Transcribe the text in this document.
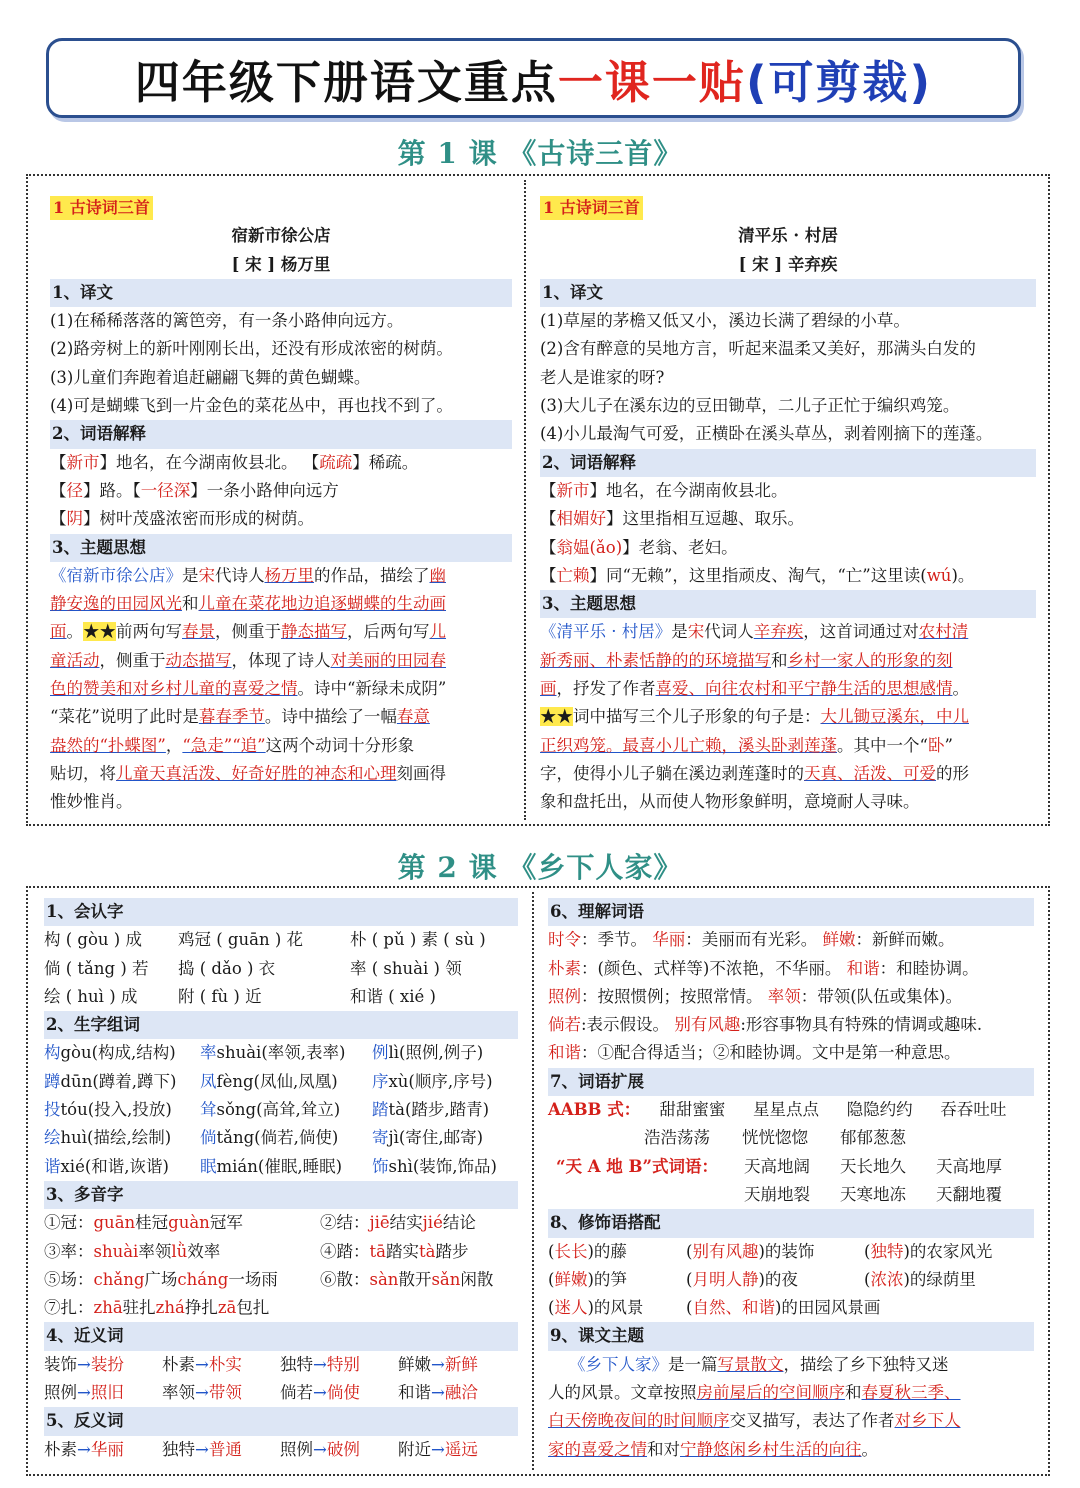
四年级下册语文重点 一课一贴 (可剪裁)
第 1 课 《古诗三首》
1 古诗词三首
宿新市徐公店
[ 宋 ] 杨万里
1、译文
(1)在稀稀落落的篱笆旁，有一条小路伸向远方。
(2)路旁树上的新叶刚刚长出，还没有形成浓密的树荫。
(3)儿童们奔跑着追赶翩翩飞舞的黄色蝴蝶。
(4)可是蝴蝶飞到一片金色的菜花丛中，再也找不到了。
2、词语解释
【新市】地名，在今湖南攸县北。 【疏疏】稀疏。
【径】路。【一径深】一条小路伸向远方
【阴】树叶茂盛浓密而形成的树荫。
3、主题思想
《宿新市徐公店》是宋代诗人杨万里的作品，描绘了幽
静安逸的田园风光和儿童在菜花地边追逐蝴蝶的生动画
面。★★前两句写春景，侧重于静态描写，后两句写儿
童活动，侧重于动态描写，体现了诗人对美丽的田园春
色的赞美和对乡村儿童的喜爱之情。诗中“新绿未成阴”
“菜花”说明了此时是暮春季节。诗中描绘了一幅春意
盎然的“扑蝶图”，“急走”“追”这两个动词十分形象
贴切，将儿童天真活泼、好奇好胜的神态和心理刻画得
惟妙惟肖。
1 古诗词三首
清平乐 · 村居
[ 宋 ] 辛弃疾
1、译文
(1)草屋的茅檐又低又小，溪边长满了碧绿的小草。
(2)含有醉意的吴地方言，听起来温柔又美好，那满头白发的
老人是谁家的呀?
(3)大儿子在溪东边的豆田锄草，二儿子正忙于编织鸡笼。
(4)小儿最淘气可爱，正横卧在溪头草丛，剥着刚摘下的莲蓬。
2、词语解释
【新市】地名，在今湖南攸县北。
【相媚好】这里指相互逗趣、取乐。
【翁媪(ǎo)】老翁、老妇。
【亡赖】同“无赖”，这里指顽皮、淘气，“亡”这里读(wú)。
3、主题思想
《清平乐 · 村居》是宋代词人辛弃疾，这首词通过对农村清
新秀丽、朴素恬静的的环境描写和乡村一家人的形象的刻
画，抒发了作者喜爱、向往农村和平宁静生活的思想感情。
★★词中描写三个儿子形象的句子是：大儿锄豆溪东，中儿
正织鸡笼。最喜小儿亡赖，溪头卧剥莲蓬。其中一个“卧”
字，使得小儿子躺在溪边剥莲蓬时的天真、活泼、可爱的形
象和盘托出，从而使人物形象鲜明，意境耐人寻味。
第 2 课 《乡下人家》
1、会认字
构 ( gòu ) 成	鸡冠 ( guān ) 花	朴 ( pǔ ) 素 ( sù )
倘 ( tǎng ) 若	捣 ( dǎo ) 衣	率 ( shuài ) 领
绘 ( huì ) 成	附 ( fù ) 近	和谐 ( xié )
2、生字组词
构gòu(构成,结构)	率shuài(率领,表率)	例lì(照例,例子)
蹲dūn(蹲着,蹲下)	凤fèng(凤仙,凤凰)	序xù(顺序,序号)
投tóu(投入,投放)	耸sǒng(高耸,耸立)	踏tà(踏步,踏青)
绘huì(描绘,绘制)	倘tǎng(倘若,倘使)	寄jì(寄住,邮寄)
谐xié(和谐,诙谐)	眠mián(催眠,睡眠)	饰shì(装饰,饰品)
3、多音字
①冠：guān桂冠guàn冠军	②结：jiē结实jié结论
③率：shuài率领lǜ效率	④踏：tā踏实tà踏步
⑤场：chǎng广场cháng一场雨	⑥散：sàn散开sǎn闲散
⑦扎：zhā驻扎zhá挣扎zā包扎
4、近义词
装饰→装扮	朴素→朴实	独特→特别	鲜嫩→新鲜
照例→照旧	率领→带领	倘若→倘使	和谐→融洽
5、反义词
朴素→华丽	独特→普通	照例→破例	附近→遥远
6、理解词语
时令：季节。 华丽：美丽而有光彩。 鲜嫩：新鲜而嫩。
朴素：(颜色、式样等)不浓艳，不华丽。 和谐：和睦协调。
照例：按照惯例；按照常情。 率领：带领(队伍或集体)。
倘若:表示假设。 别有风趣:形容事物具有特殊的情调或趣味.
和谐：①配合得适当；②和睦协调。文中是第一种意思。
7、词语扩展
AABB 式： 甜甜蜜蜜	星星点点	隐隐约约	吞吞吐吐
浩浩荡荡	恍恍惚惚	郁郁葱葱
“天 A 地 B”式词语：	天高地阔	天长地久	天高地厚
天崩地裂	天寒地冻	天翻地覆
8、修饰语搭配
(长长)的藤	(别有风趣)的装饰	(独特)的农家风光
(鲜嫩)的笋	(月明人静)的夜	(浓浓)的绿荫里
(迷人)的风景	(自然、和谐)的田园风景画
9、课文主题
《乡下人家》是一篇写景散文，描绘了乡下独特又迷
人的风景。文章按照房前屋后的空间顺序和春夏秋三季、
白天傍晚夜间的时间顺序交叉描写，表达了作者对乡下人
家的喜爱之情和对宁静悠闲乡村生活的向往。
